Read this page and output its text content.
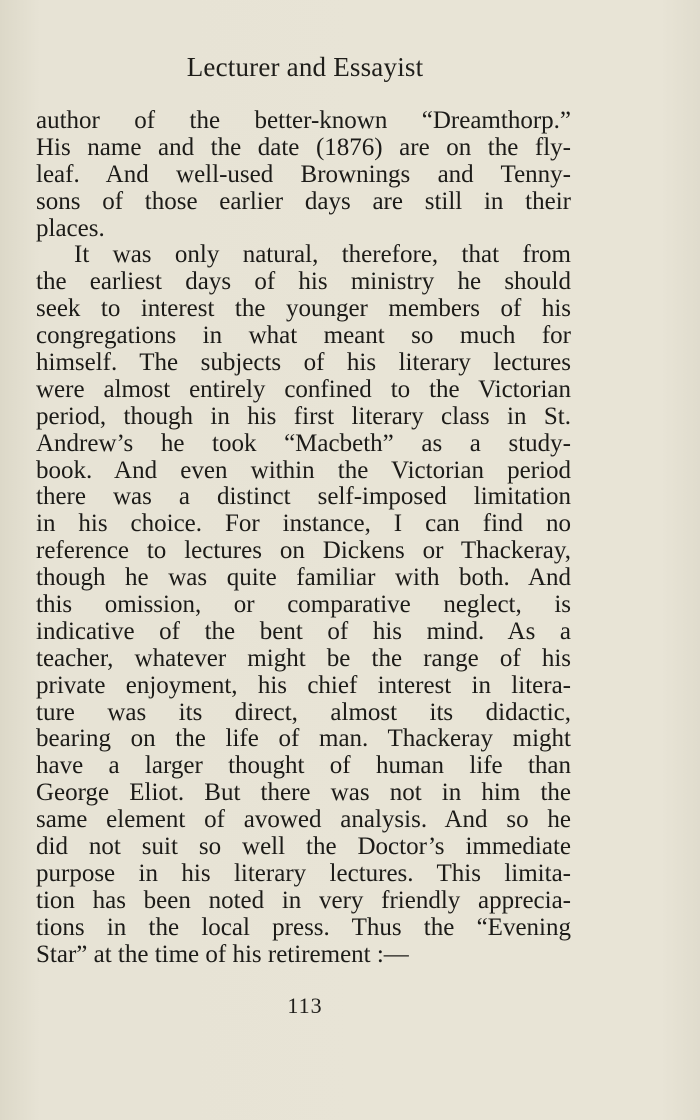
Lecturer and Essayist
author of the better-known “Dreamthorp.”
His name and the date (1876) are on the fly-
leaf. And well-used Brownings and Tenny-
sons of those earlier days are still in their
places.
It was only natural, therefore, that from
the earliest days of his ministry he should
seek to interest the younger members of his
congregations in what meant so much for
himself. The subjects of his literary lectures
were almost entirely confined to the Victorian
period, though in his first literary class in St.
Andrew’s he took “Macbeth” as a study-
book. And even within the Victorian period
there was a distinct self-imposed limitation
in his choice. For instance, I can find no
reference to lectures on Dickens or Thackeray,
though he was quite familiar with both. And
this omission, or comparative neglect, is
indicative of the bent of his mind. As a
teacher, whatever might be the range of his
private enjoyment, his chief interest in litera-
ture was its direct, almost its didactic,
bearing on the life of man. Thackeray might
have a larger thought of human life than
George Eliot. But there was not in him the
same element of avowed analysis. And so he
did not suit so well the Doctor’s immediate
purpose in his literary lectures. This limita-
tion has been noted in very friendly apprecia-
tions in the local press. Thus the “Evening
Star” at the time of his retirement :—
113
